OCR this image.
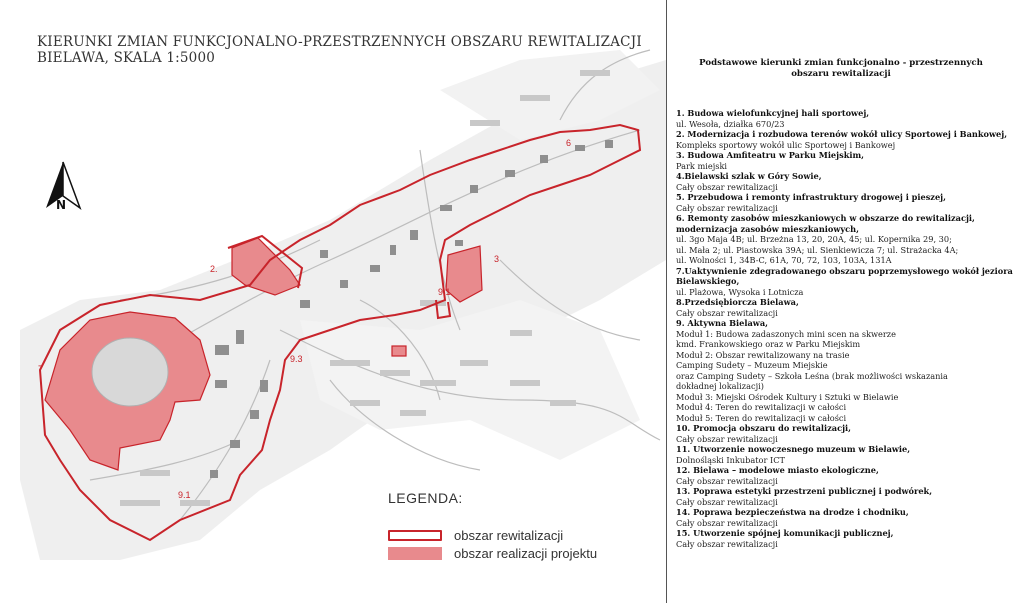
2.
3
6
7
9.1
9.1
9.3
KIERUNKI ZMIAN FUNKCJONALNO-PRZESTRZENNYCH OBSZARU REWITALIZACJI
BIELAWA, SKALA 1:5000
N
LEGENDA:
obszar rewitalizacji
obszar realizacji projektu
Podstawowe kierunki zmian funkcjonalno - przestrzennych
obszaru rewitalizacji
1. Budowa wielofunkcyjnej hali sportowej,
ul. Wesoła, działka 670/23
2. Modernizacja i rozbudowa terenów wokół ulicy Sportowej i Bankowej,
Kompleks sportowy wokół ulic Sportowej i Bankowej
3. Budowa Amfiteatru w Parku Miejskim,
Park miejski
4.Bielawski szlak w Góry Sowie,
Cały obszar rewitalizacji
5. Przebudowa i remonty infrastruktury drogowej i pieszej,
Cały obszar rewitalizacji
6. Remonty zasobów mieszkaniowych w obszarze do rewitalizacji, modernizacja zasobów mieszkaniowych,
ul. 3go Maja 4B; ul. Brzeżna 13, 20, 20A, 45; ul. Kopernika 29, 30;
ul. Mała 2; ul. Piastowska 39A; ul. Sienkiewicza 7; ul. Strażacka 4A;
ul. Wolności 1, 34B-C, 61A, 70, 72, 103, 103A, 131A
7.Uaktywnienie zdegradowanego obszaru poprzemysłowego wokół jeziora Bielawskiego,
ul. Plażowa, Wysoka i Lotnicza
8.Przedsiębiorcza Bielawa,
Cały obszar rewitalizacji
9. Aktywna Bielawa,
Moduł 1: Budowa zadaszonych mini scen na skwerze
kmd. Frankowskiego oraz w Parku Miejskim
Moduł 2: Obszar rewitalizowany na trasie
Camping Sudety – Muzeum Miejskie
oraz Camping Sudety – Szkoła Leśna (brak możliwości wskazania
dokładnej lokalizacji)
Moduł 3: Miejski Ośrodek Kultury i Sztuki w Bielawie
Moduł 4: Teren do rewitalizacji w całości
Moduł 5: Teren do rewitalizacji w całości
10. Promocja obszaru do rewitalizacji,
Cały obszar rewitalizacji
11. Utworzenie nowoczesnego muzeum w Bielawie,
Dolnośląski Inkubator ICT
12. Bielawa – modelowe miasto ekologiczne,
Cały obszar rewitalizacji
13. Poprawa estetyki przestrzeni publicznej i podwórek,
Cały obszar rewitalizacji
14. Poprawa bezpieczeństwa na drodze i chodniku,
Cały obszar rewitalizacji
15. Utworzenie spójnej komunikacji publicznej,
Cały obszar rewitalizacji
